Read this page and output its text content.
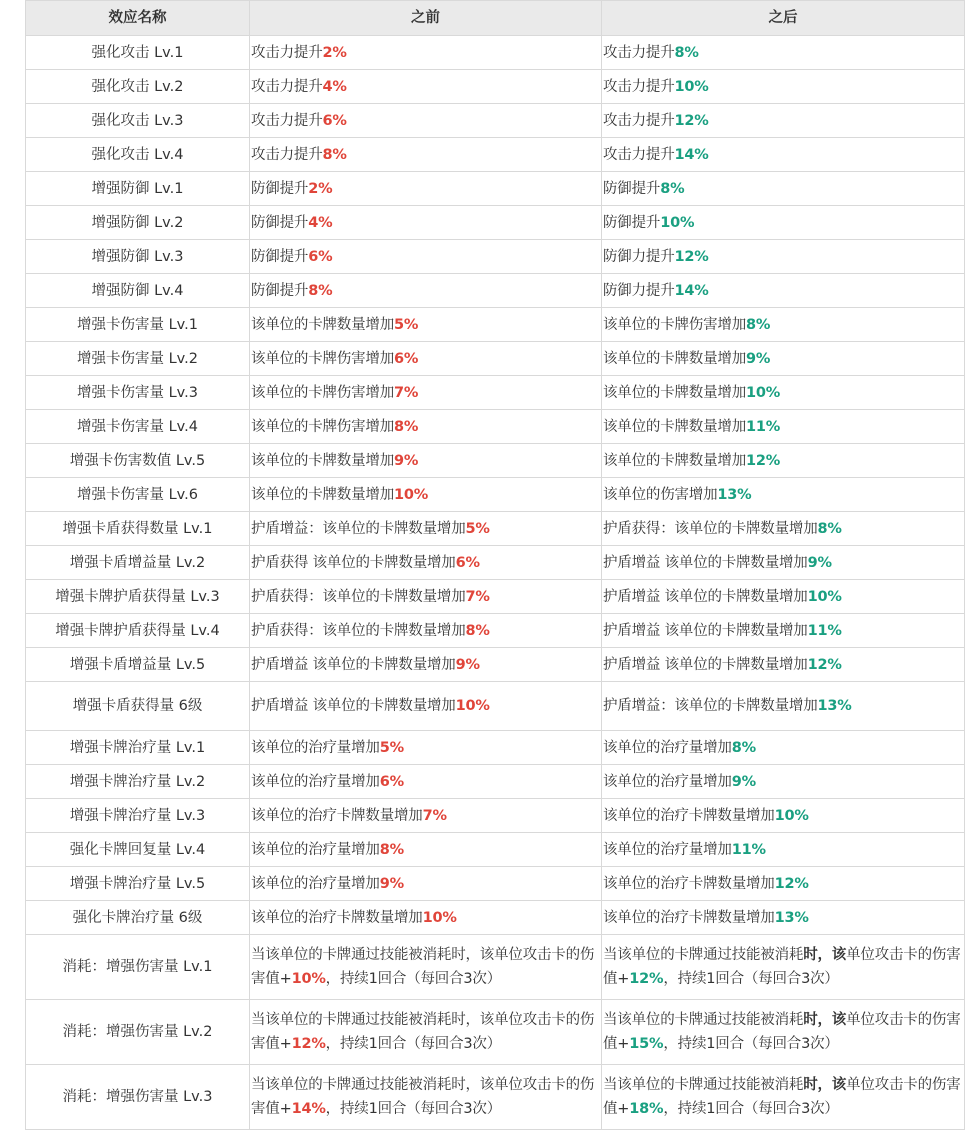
效应名称	之前	之后
强化攻击 Lv.1	攻击力提升2%	攻击力提升8%
强化攻击 Lv.2	攻击力提升4%	攻击力提升10%
强化攻击 Lv.3	攻击力提升6%	攻击力提升12%
强化攻击 Lv.4	攻击力提升8%	攻击力提升14%
增强防御 Lv.1	防御提升2%	防御提升8%
增强防御 Lv.2	防御提升4%	防御提升10%
增强防御 Lv.3	防御提升6%	防御力提升12%
增强防御 Lv.4	防御提升8%	防御力提升14%
增强卡伤害量 Lv.1	该单位的卡牌数量增加5%	该单位的卡牌伤害增加8%
增强卡伤害量 Lv.2	该单位的卡牌伤害增加6%	该单位的卡牌数量增加9%
增强卡伤害量 Lv.3	该单位的卡牌伤害增加7%	该单位的卡牌数量增加10%
增强卡伤害量 Lv.4	该单位的卡牌伤害增加8%	该单位的卡牌数量增加11%
增强卡伤害数值 Lv.5	该单位的卡牌数量增加9%	该单位的卡牌数量增加12%
增强卡伤害量 Lv.6	该单位的卡牌数量增加10%	该单位的伤害增加13%
增强卡盾获得数量 Lv.1	护盾增益：该单位的卡牌数量增加5%	护盾获得：该单位的卡牌数量增加8%
增强卡盾增益量 Lv.2	护盾获得 该单位的卡牌数量增加6%	护盾增益 该单位的卡牌数量增加9%
增强卡牌护盾获得量 Lv.3	护盾获得：该单位的卡牌数量增加7%	护盾增益 该单位的卡牌数量增加10%
增强卡牌护盾获得量 Lv.4	护盾获得：该单位的卡牌数量增加8%	护盾增益 该单位的卡牌数量增加11%
增强卡盾增益量 Lv.5	护盾增益 该单位的卡牌数量增加9%	护盾增益 该单位的卡牌数量增加12%
增强卡盾获得量 6级	护盾增益 该单位的卡牌数量增加10%	护盾增益：该单位的卡牌数量增加13%
增强卡牌治疗量 Lv.1	该单位的治疗量增加5%	该单位的治疗量增加8%
增强卡牌治疗量 Lv.2	该单位的治疗量增加6%	该单位的治疗量增加9%
增强卡牌治疗量 Lv.3	该单位的治疗卡牌数量增加7%	该单位的治疗卡牌数量增加10%
强化卡牌回复量 Lv.4	该单位的治疗量增加8%	该单位的治疗量增加11%
增强卡牌治疗量 Lv.5	该单位的治疗量增加9%	该单位的治疗卡牌数量增加12%
强化卡牌治疗量 6级	该单位的治疗卡牌数量增加10%	该单位的治疗卡牌数量增加13%
消耗：增强伤害量 Lv.1	当该单位的卡牌通过技能被消耗时，该单位攻击卡的伤害值+10%，持续1回合（每回合3次）	当该单位的卡牌通过技能被消耗时，该单位攻击卡的伤害值+12%，持续1回合（每回合3次）
消耗：增强伤害量 Lv.2	当该单位的卡牌通过技能被消耗时，该单位攻击卡的伤害值+12%，持续1回合（每回合3次）	当该单位的卡牌通过技能被消耗时，该单位攻击卡的伤害值+15%，持续1回合（每回合3次）
消耗：增强伤害量 Lv.3	当该单位的卡牌通过技能被消耗时，该单位攻击卡的伤害值+14%，持续1回合（每回合3次）	当该单位的卡牌通过技能被消耗时，该单位攻击卡的伤害值+18%，持续1回合（每回合3次）
